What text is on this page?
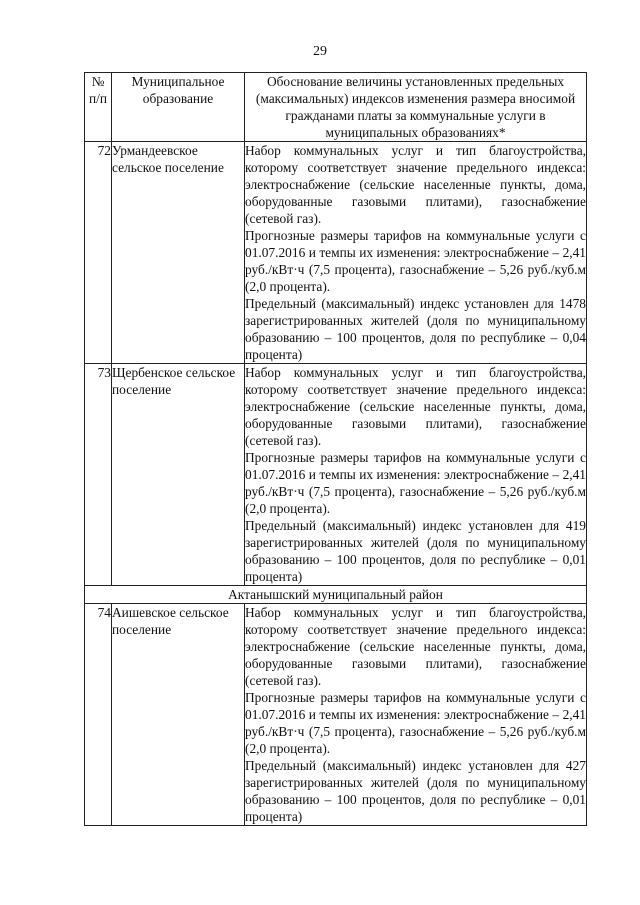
29
№ п/п	Муниципальное образование	Обоснование величины установленных предельных (максимальных) индексов изменения размера вносимой гражданами платы за коммунальные услуги в муниципальных образованиях*
72	Урмандеевское сельское поселение	Набор коммунальных услуг и тип благоустройства, которому соответствует значение предельного индекса: электроснабжение (сельские населенные пункты, дома, оборудованные газовыми плитами), газоснабжение (сетевой газ).

Прогнозные размеры тарифов на коммунальные услуги с 01.07.2016 и темпы их изменения: электроснабжение – 2,41 руб./кВт·ч (7,5 процента), газоснабжение – 5,26 руб./куб.м (2,0 процента).

Предельный (максимальный) индекс установлен для 1478 зарегистрированных жителей (доля по муниципальному образованию – 100 процентов, доля по республике – 0,04 процента)

73	Щербенское сельское поселение	Набор коммунальных услуг и тип благоустройства, которому соответствует значение предельного индекса: электроснабжение (сельские населенные пункты, дома, оборудованные газовыми плитами), газоснабжение (сетевой газ).

Прогнозные размеры тарифов на коммунальные услуги с 01.07.2016 и темпы их изменения: электроснабжение – 2,41 руб./кВт·ч (7,5 процента), газоснабжение – 5,26 руб./куб.м (2,0 процента).

Предельный (максимальный) индекс установлен для 419 зарегистрированных жителей (доля по муниципальному образованию – 100 процентов, доля по республике – 0,01 процента)

Актанышский муниципальный район		
74	Аишевское сельское поселение	Набор коммунальных услуг и тип благоустройства, которому соответствует значение предельного индекса: электроснабжение (сельские населенные пункты, дома, оборудованные газовыми плитами), газоснабжение (сетевой газ).

Прогнозные размеры тарифов на коммунальные услуги с 01.07.2016 и темпы их изменения: электроснабжение – 2,41 руб./кВт·ч (7,5 процента), газоснабжение – 5,26 руб./куб.м (2,0 процента).

Предельный (максимальный) индекс установлен для 427 зарегистрированных жителей (доля по муниципальному образованию – 100 процентов, доля по республике – 0,01 процента)
